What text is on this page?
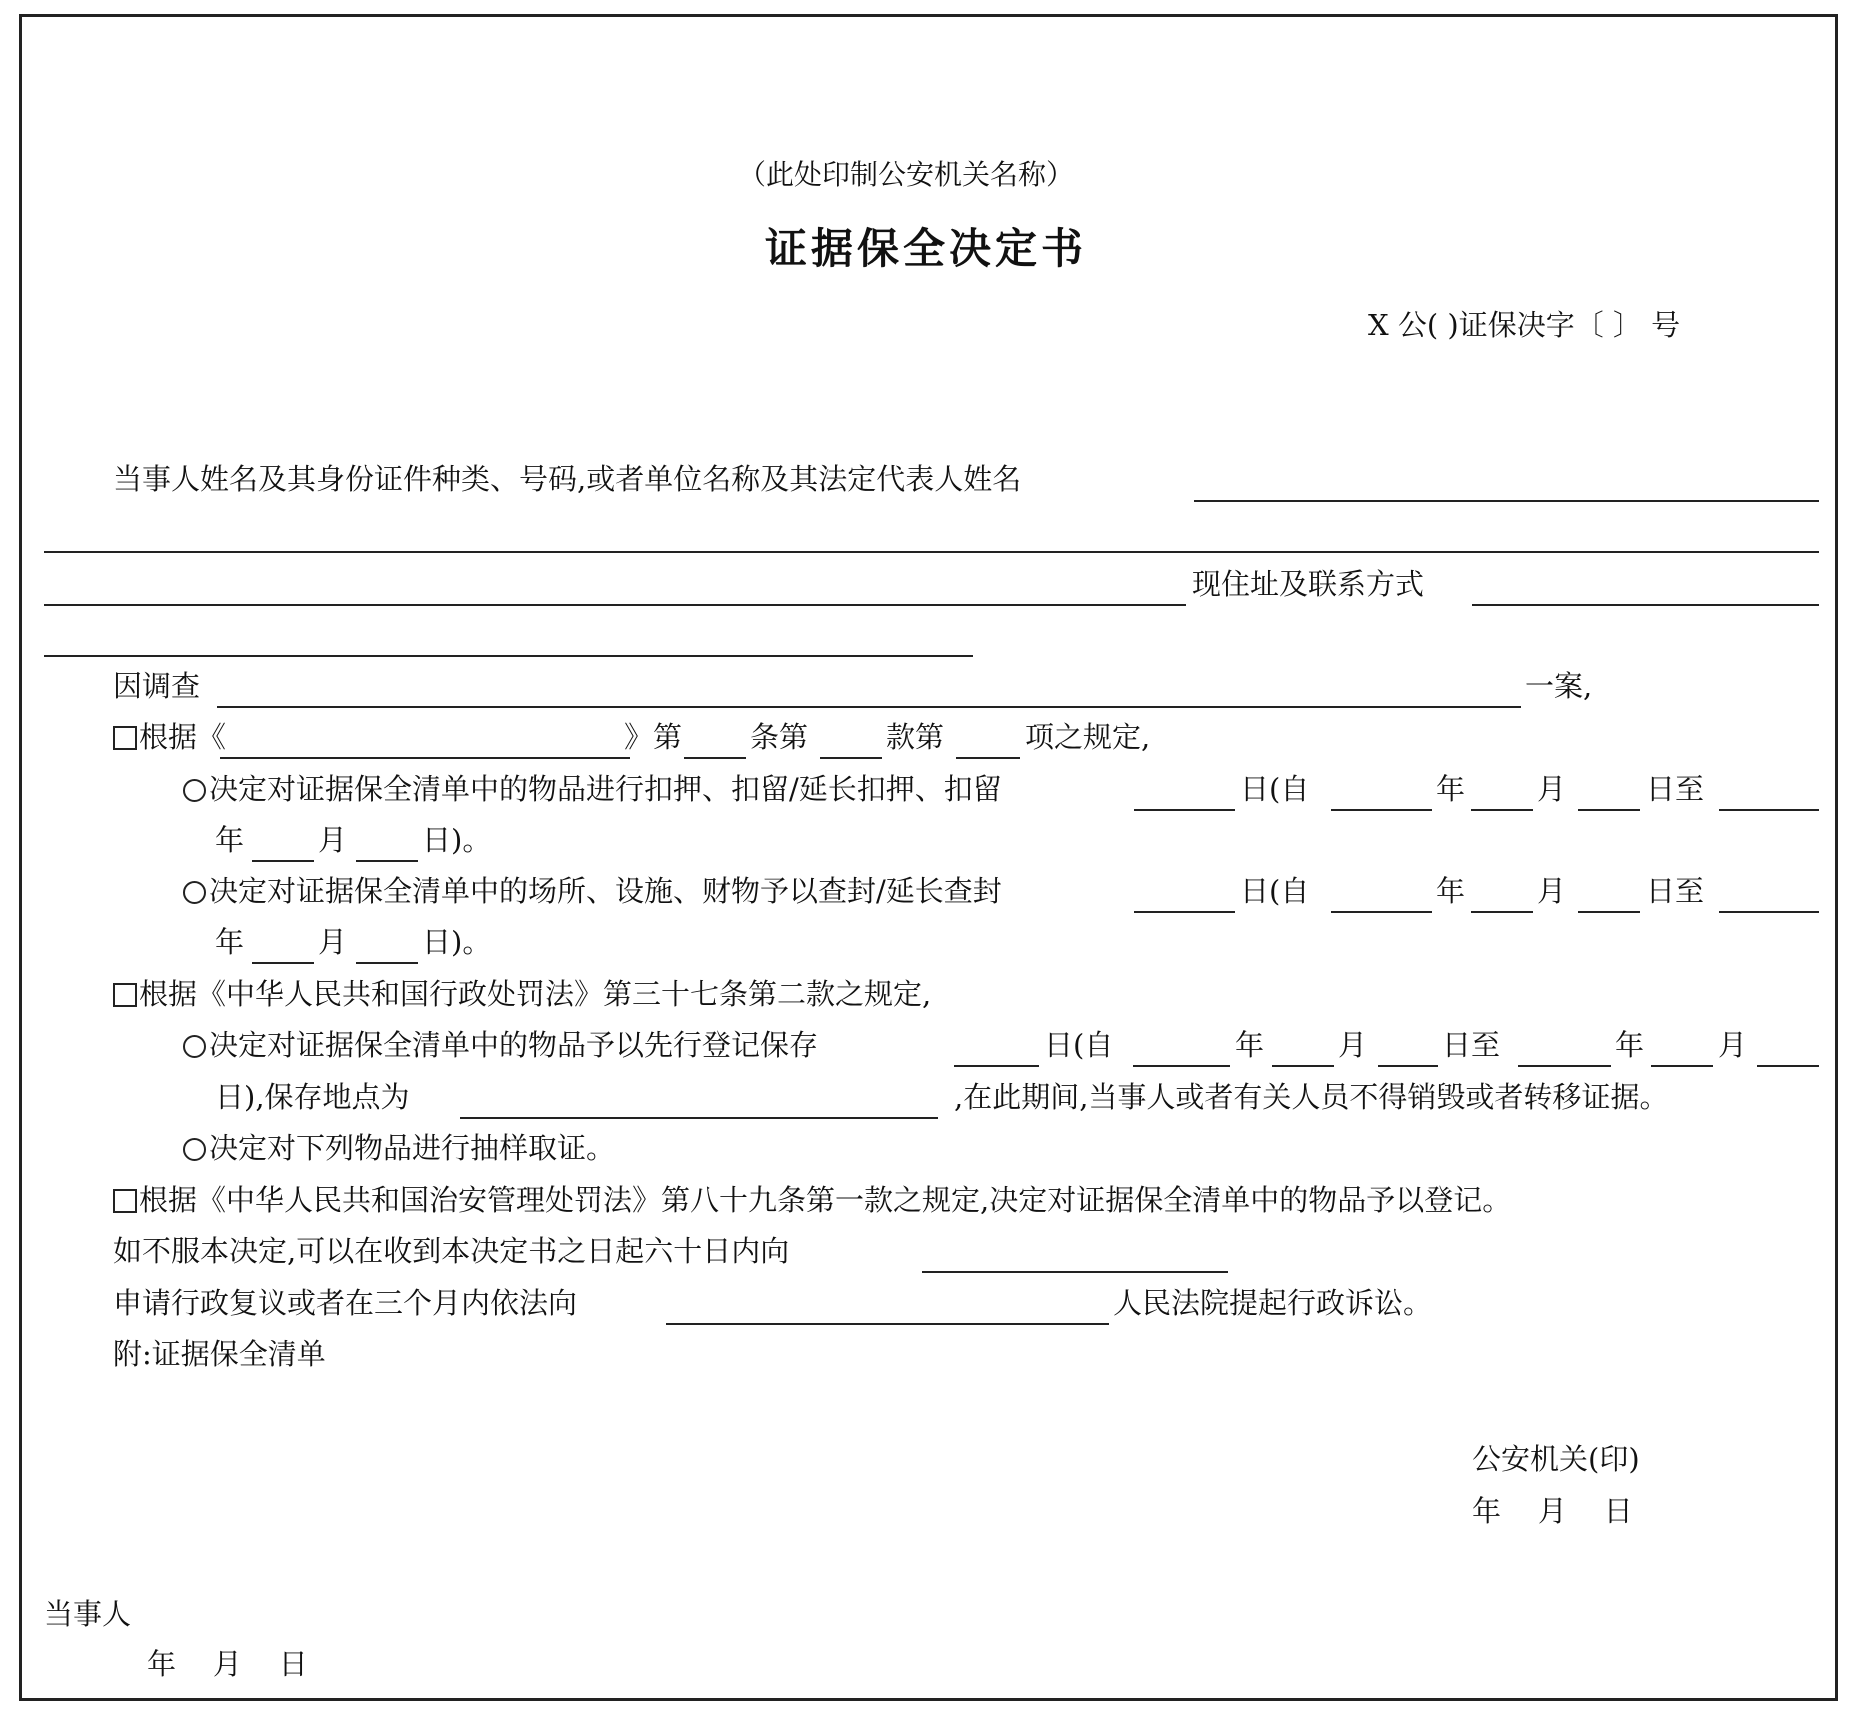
（此处印制公安机关名称）
证据保全决定书
X 公( )证保决字〔 〕 号
当事人姓名及其身份证件种类、号码,或者单位名称及其法定代表人姓名
现住址及联系方式
因调查	一案,
根据《	》第 条第	款第	项之规定,
决定对证据保全清单中的物品进行扣押、扣留/延长扣押、扣留	日(自	年 月	日至
年	月	日)。
决定对证据保全清单中的场所、设施、财物予以查封/延长查封	日(自	年 月	日至
年	月	日)。
根据《中华人民共和国行政处罚法》第三十七条第二款之规定,
决定对证据保全清单中的物品予以先行登记保存	日(自	年	月	日至	年	月
日),保存地点为	,在此期间,当事人或者有关人员不得销毁或者转移证据。
决定对下列物品进行抽样取证。
根据《中华人民共和国治安管理处罚法》第八十九条第一款之规定,决定对证据保全清单中的物品予以登记。
如不服本决定,可以在收到本决定书之日起六十日内向
申请行政复议或者在三个月内依法向	人民法院提起行政诉讼。
附:证据保全清单
公安机关(印)
年    月    日
当事人
年    月    日
